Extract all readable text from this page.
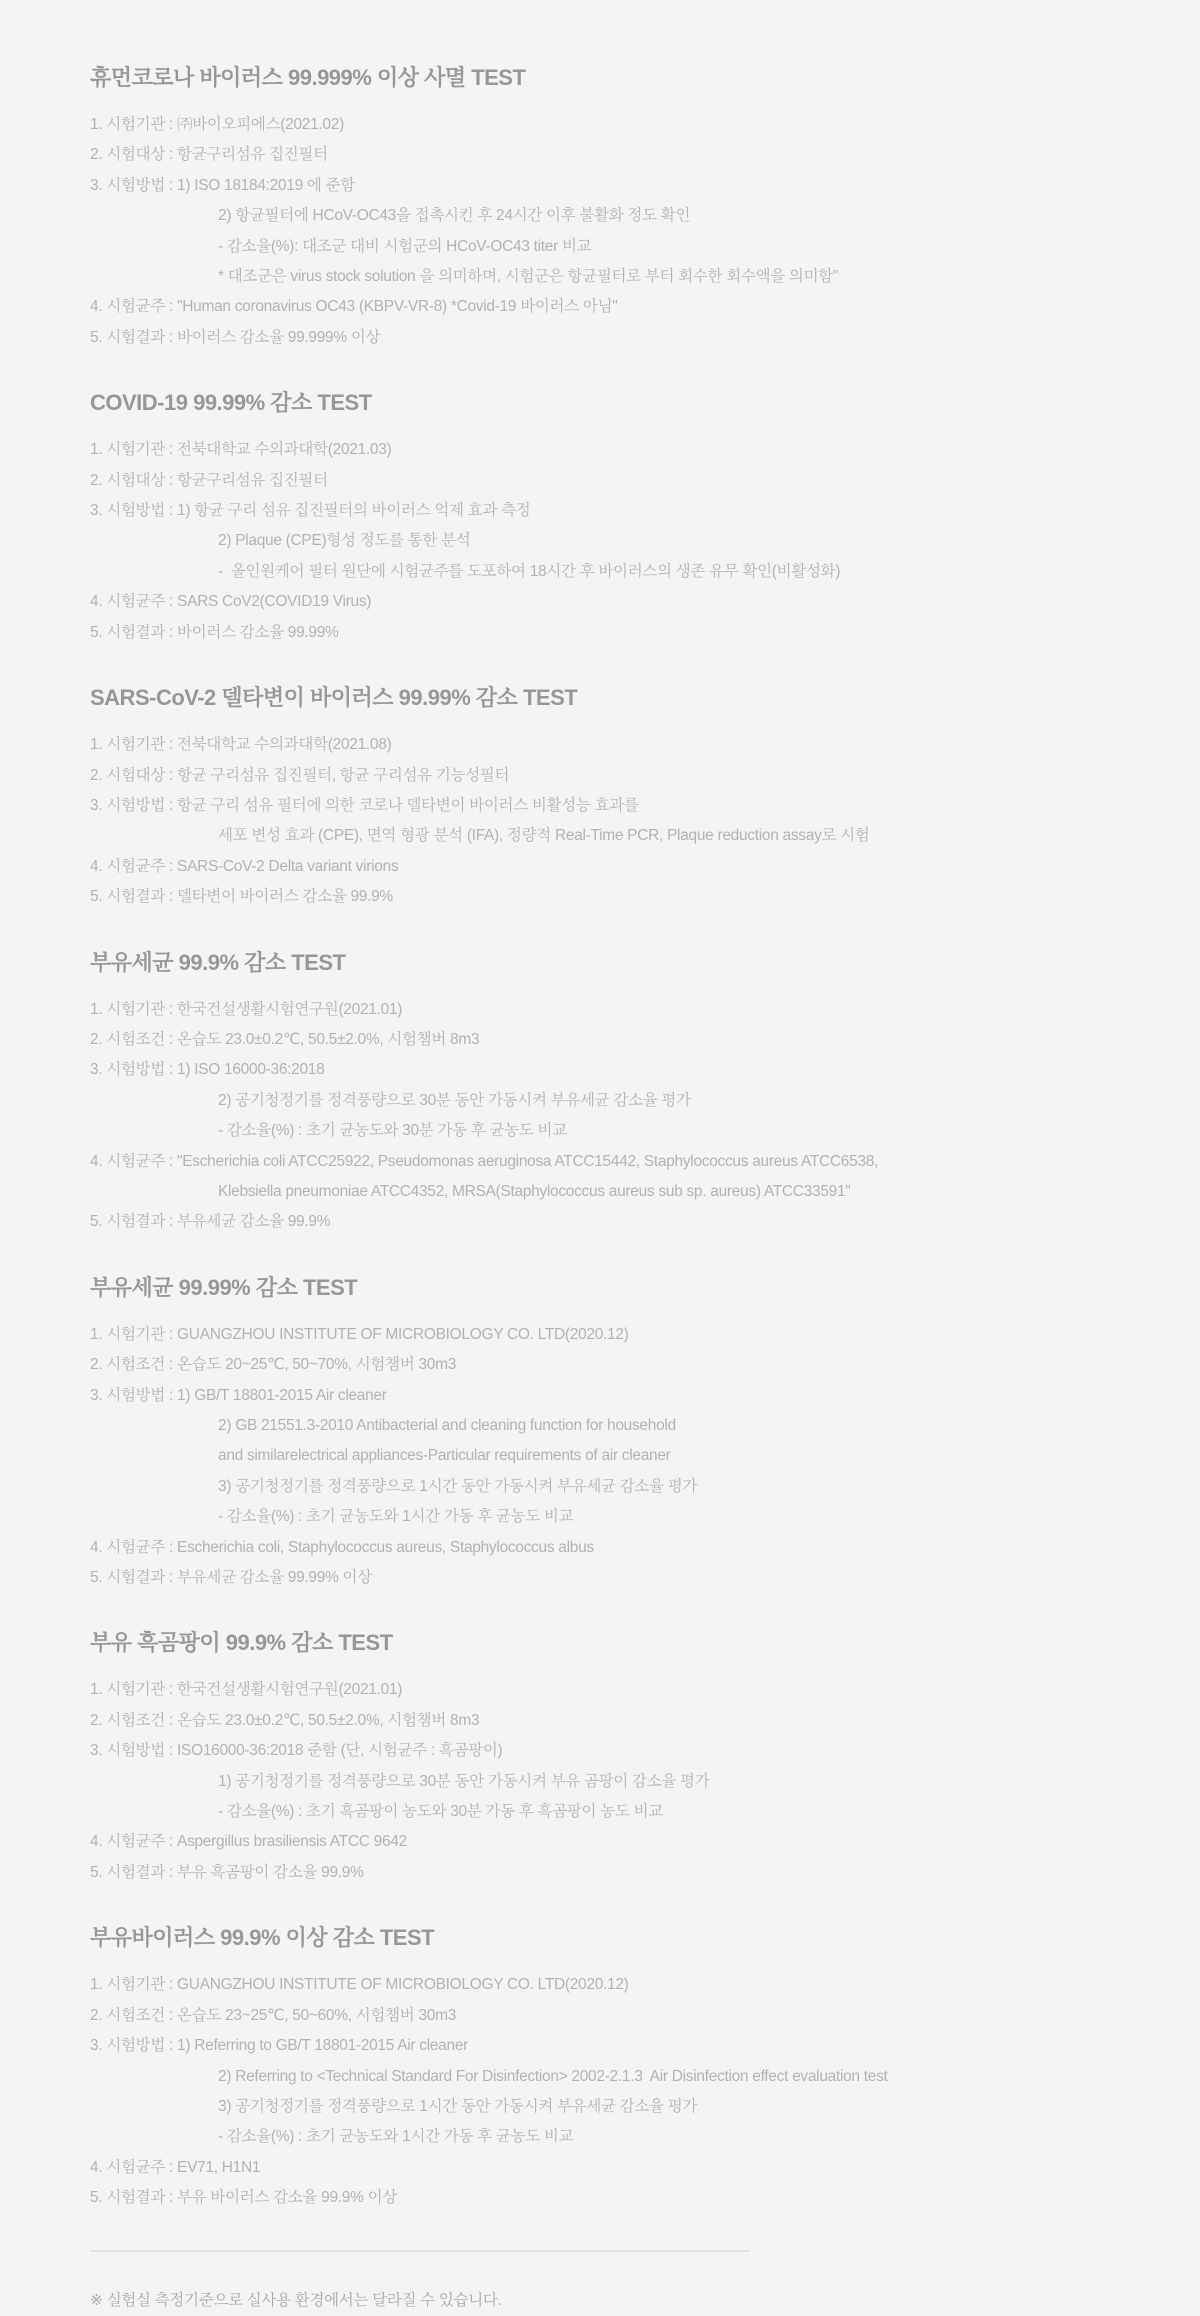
휴먼코로나 바이러스 99.999% 이상 사멸 TEST

1. 시험기관 : ㈜바이오피에스(2021.02)

2. 시험대상 : 항균구리섬유 집진필터

3. 시험방법 : 1) ISO 18184:2019 에 준함

2) 항균필터에 HCoV-OC43을 접촉시킨 후 24시간 이후 불활화 정도 확인

- 감소율(%): 대조군 대비 시험군의 HCoV-OC43 titer 비교

* 대조군은 virus stock solution 을 의미하며, 시험군은 항균필터로 부터 회수한 회수액을 의미함"

4. 시험균주 : "Human coronavirus OC43 (KBPV-VR-8) *Covid-19 바이러스 아님"

5. 시험결과 : 바이러스 감소율 99.999% 이상

COVID-19 99.99% 감소 TEST

1. 시험기관 : 전북대학교 수의과대학(2021.03)

2. 시험대상 : 항균구리섬유 집진필터

3. 시험방법 : 1) 항균 구리 섬유 집진필터의 바이러스 억제 효과 측정

2) Plaque (CPE)형성 정도를 통한 분석

-  올인원케어 필터 원단에 시험균주를 도포하여 18시간 후 바이러스의 생존 유무 확인(비활성화)

4. 시험균주 : SARS CoV2(COVID19 Virus)

5. 시험결과 : 바이러스 감소율 99.99%

SARS-CoV-2 델타변이 바이러스 99.99% 감소 TEST

1. 시험기관 : 전북대학교 수의과대학(2021.08)

2. 시험대상 : 항균 구리섬유 집진필터, 항균 구리섬유 기능성필터

3. 시험방법 : 항균 구리 섬유 필터에 의한 코로나 델타변이 바이러스 비활성능 효과를

세포 변성 효과 (CPE), 면역 형광 분석 (IFA), 정량적 Real-Time PCR, Plaque reduction assay로 시험

4. 시험균주 : SARS-CoV-2 Delta variant virions

5. 시험결과 : 델타변이 바이러스 감소율 99.9%

부유세균 99.9% 감소 TEST

1. 시험기관 : 한국건설생활시험연구원(2021.01)

2. 시험조건 : 온습도 23.0±0.2℃, 50.5±2.0%, 시험챔버 8m3

3. 시험방법 : 1) ISO 16000-36:2018

2) 공기청정기를 정격풍량으로 30분 동안 가동시켜 부유세균 감소율 평가

- 감소율(%) : 초기 균농도와 30분 가동 후 균농도 비교

4. 시험균주 : "Escherichia coli ATCC25922, Pseudomonas aeruginosa ATCC15442, Staphylococcus aureus ATCC6538,

Klebsiella pneumoniae ATCC4352, MRSA(Staphylococcus aureus sub sp. aureus) ATCC33591"

5. 시험결과 : 부유세균 감소율 99.9%

부유세균 99.99% 감소 TEST

1. 시험기관 : GUANGZHOU INSTITUTE OF MICROBIOLOGY CO. LTD(2020.12)

2. 시험조건 : 온습도 20~25℃, 50~70%, 시험챔버 30m3

3. 시험방법 : 1) GB/T 18801-2015 Air cleaner

2) GB 21551.3-2010 Antibacterial and cleaning function for household

and similarelectrical appliances-Particular requirements of air cleaner

3) 공기청정기를 정격풍량으로 1시간 동안 가동시켜 부유세균 감소율 평가

- 감소율(%) : 초기 균농도와 1시간 가동 후 균농도 비교

4. 시험균주 : Escherichia coli, Staphylococcus aureus, Staphylococcus albus

5. 시험결과 : 부유세균 감소율 99.99% 이상

부유 흑곰팡이 99.9% 감소 TEST

1. 시험기관 : 한국건설생활시험연구원(2021.01)

2. 시험조건 : 온습도 23.0±0.2℃, 50.5±2.0%, 시험챔버 8m3

3. 시험방법 : ISO16000-36:2018 준함 (단, 시험균주 : 흑곰팡이)

1) 공기청정기를 정격풍량으로 30분 동안 가동시켜 부유 곰팡이 감소율 평가

- 감소율(%) : 초기 흑곰팡이 농도와 30분 가동 후 흑곰팡이 농도 비교

4. 시험균주 : Aspergillus brasiliensis ATCC 9642

5. 시험결과 : 부유 흑곰팡이 감소율 99.9%

부유바이러스 99.9% 이상 감소 TEST

1. 시험기관 : GUANGZHOU INSTITUTE OF MICROBIOLOGY CO. LTD(2020.12)

2. 시험조건 : 온습도 23~25℃, 50~60%, 시험챔버 30m3

3. 시험방법 : 1) Referring to GB/T 18801-2015 Air cleaner

2) Referring to <Technical Standard For Disinfection> 2002-2.1.3  Air Disinfection effect evaluation test

3) 공기청정기를 정격풍량으로 1시간 동안 가동시켜 부유세균 감소율 평가

- 감소율(%) : 초기 균농도와 1시간 가동 후 균농도 비교

4. 시험균주 : EV71, H1N1

5. 시험결과 : 부유 바이러스 감소율 99.9% 이상

※ 실험실 측정기준으로 실사용 환경에서는 달라질 수 있습니다.
